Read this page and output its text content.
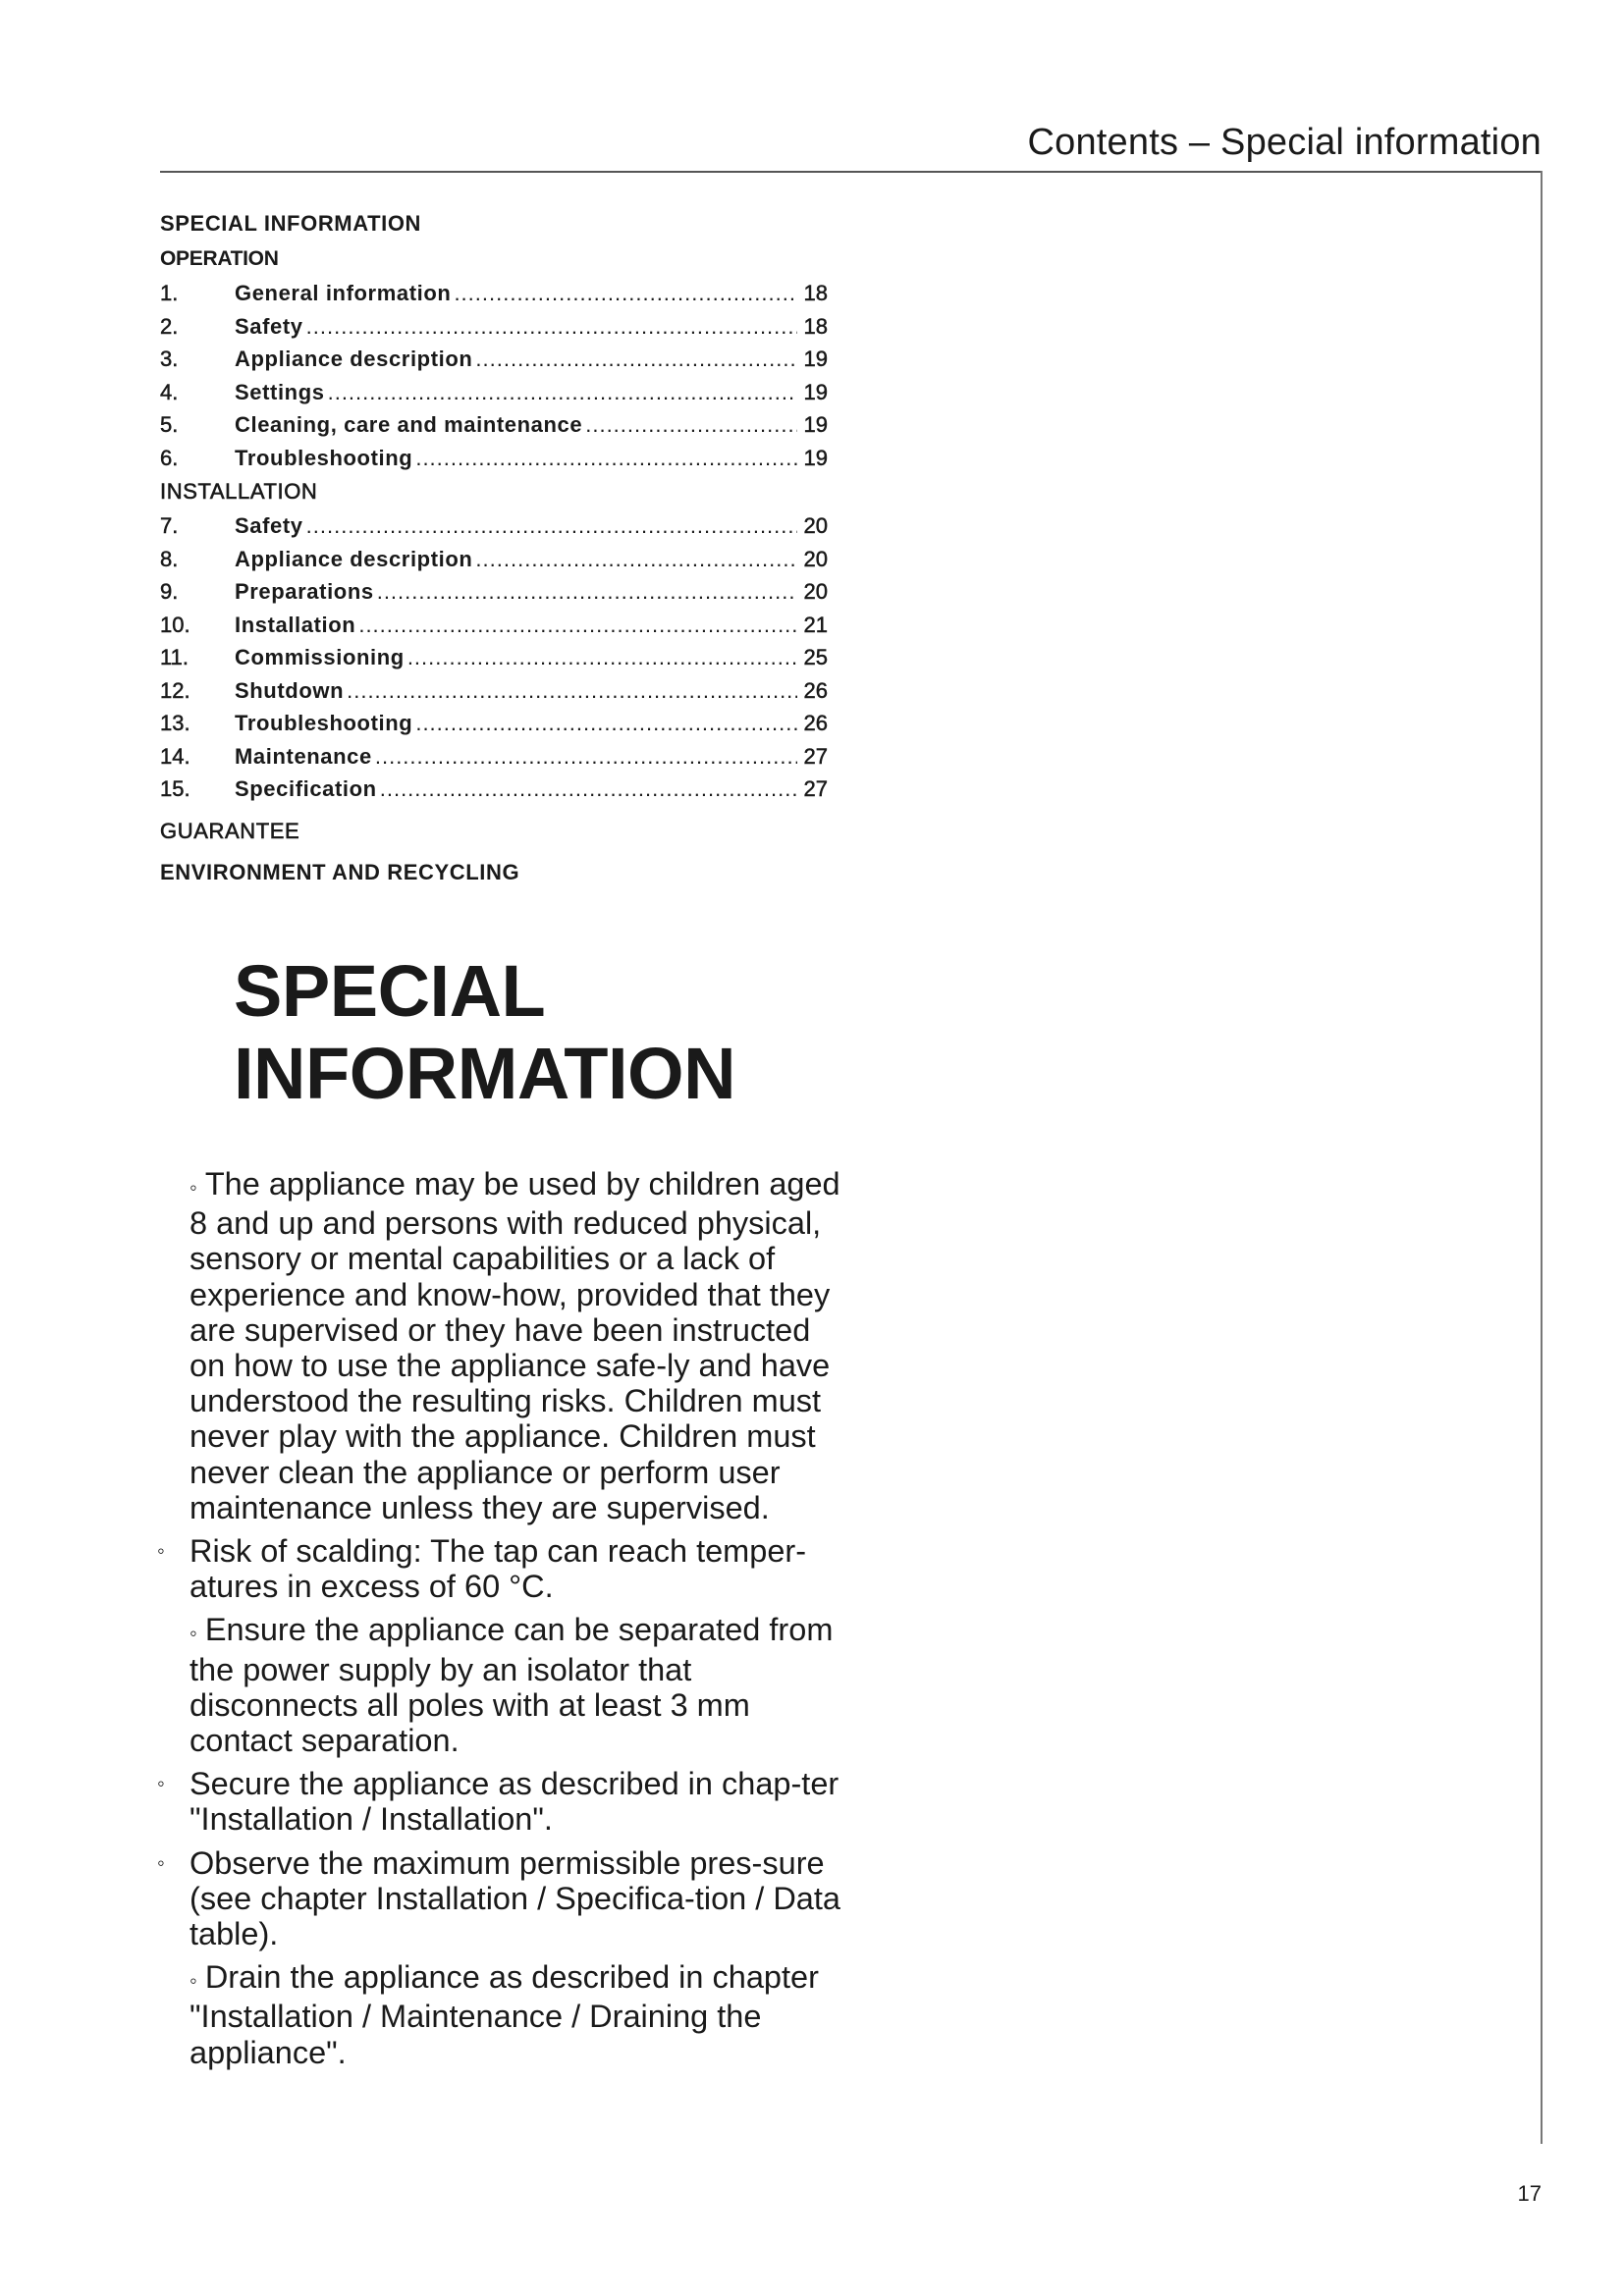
Contents – Special information
SPECIAL INFORMATION
OPERATION
1.	General information .....	18
2.	Safety .....	18
3.	Appliance description .....	19
4.	Settings .....	19
5.	Cleaning, care and maintenance .....	19
6.	Troubleshooting .....	19
INSTALLATION
7.	Safety .....	20
8.	Appliance description .....	20
9.	Preparations .....	20
10.	Installation .....	21
11.	Commissioning .....	25
12.	Shutdown .....	26
13.	Troubleshooting .....	26
14.	Maintenance .....	27
15.	Specification .....	27
GUARANTEE
ENVIRONMENT AND RECYCLING
SPECIAL
INFORMATION
◦ The appliance may be used by children aged 8 and up and persons with reduced physical, sensory or mental capabilities or a lack of experience and know-how, provided that they are supervised or they have been instructed on how to use the appliance safe-ly and have understood the resulting risks. Children must never play with the appliance. Children must never clean the appliance or perform user maintenance unless they are supervised.
◦ Risk of scalding: The tap can reach temper-atures in excess of 60 °C.
◦ Ensure the appliance can be separated from the power supply by an isolator that disconnects all poles with at least 3 mm contact separation.
◦ Secure the appliance as described in chap-ter "Installation / Installation".
◦ Observe the maximum permissible pres-sure (see chapter Installation / Specifica-tion / Data table).
◦ Drain the appliance as described in chapter "Installation / Maintenance / Draining the appliance".
17
